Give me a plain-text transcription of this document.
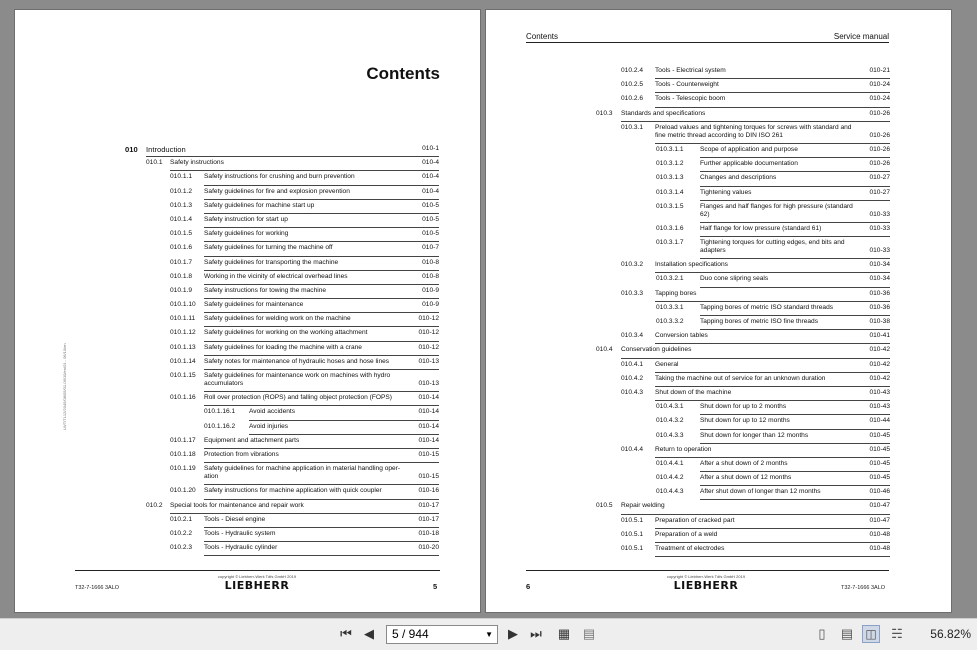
Contents
LWT/TL12/2045/08/05/01-06/10/en/01 - 06/10/en
010 Introduction	010-1
010.1 Safety instructions	010-4
010.1.1 Safety instructions for crushing and burn prevention	010-4
010.1.2 Safety guidelines for fire and explosion prevention	010-4
010.1.3 Safety guidelines for machine start up	010-5
010.1.4 Safety instruction for start up	010-5
010.1.5 Safety guidelines for working	010-5
010.1.6 Safety guidelines for turning the machine off	010-7
010.1.7 Safety guidelines for transporting the machine	010-8
010.1.8 Working in the vicinity of electrical overhead lines	010-8
010.1.9 Safety instructions for towing the machine	010-9
010.1.10 Safety guidelines for maintenance	010-9
010.1.11 Safety guidelines for welding work on the machine	010-12
010.1.12 Safety guidelines for working on the working attachment	010-12
010.1.13 Safety guidelines for loading the machine with a crane	010-12
010.1.14 Safety notes for maintenance of hydraulic hoses and hose lines	010-13
010.1.15 Safety guidelines for maintenance work on machines with hydro
accumulators	010-13
010.1.16 Roll over protection (ROPS) and falling object protection (FOPS)	010-14
010.1.16.1 Avoid accidents	010-14
010.1.16.2 Avoid injuries	010-14
010.1.17 Equipment and attachment parts	010-14
010.1.18 Protection from vibrations	010-15
010.1.19 Safety guidelines for machine application in material handling oper-
ation	010-15
010.1.20 Safety instructions for machine application with quick coupler	010-16
010.2 Special tools for maintenance and repair work	010-17
010.2.1 Tools - Diesel engine	010-17
010.2.2 Tools - Hydraulic system	010-18
010.2.3 Tools - Hydraulic cylinder	010-20
copyright © Liebherr-Werk Tdfs GmbH 2019
LIEBHERR
T32-7-1666 3ALO	5
Contents	Service manual
010.2.4 Tools - Electrical system	010-21
010.2.5 Tools - Counterweight	010-24
010.2.6 Tools - Telescopic boom	010-24
010.3 Standards and specifications	010-26
010.3.1 Preload values and tightening torques for screws with standard and
fine metric thread according to DIN ISO 261	010-26
010.3.1.1	Scope of application and purpose	010-26
010.3.1.2	Further applicable documentation	010-26
010.3.1.3	Changes and descriptions	010-27
010.3.1.4	Tightening values	010-27
010.3.1.5	Flanges and half flanges for high pressure (standard
62)	010-33
010.3.1.6	Half flange for low pressure (standard 61)	010-33
010.3.1.7	Tightening torques for cutting edges, end bits and
adapters	010-33
010.3.2 Installation specifications	010-34
010.3.2.1	Duo cone slipring seals	010-34
010.3.3 Tapping bores	010-36
010.3.3.1	Tapping bores of metric ISO standard threads	010-36
010.3.3.2	Tapping bores of metric ISO fine threads	010-38
010.3.4 Conversion tables	010-41
010.4 Conservation guidelines	010-42
010.4.1 General	010-42
010.4.2 Taking the machine out of service for an unknown duration	010-42
010.4.3 Shut down of the machine	010-43
010.4.3.1	Shut down for up to 2 months	010-43
010.4.3.2	Shut down for up to 12 months	010-44
010.4.3.3	Shut down for longer than 12 months	010-45
010.4.4 Return to operation	010-45
010.4.4.1	After a shut down of 2 months	010-45
010.4.4.2	After a shut down of 12 months	010-45
010.4.4.3	After shut down of longer than 12 months	010-46
010.5 Repair welding	010-47
010.5.1 Preparation of cracked part	010-47
010.5.1 Preparation of a weld	010-48
010.5.1 Treatment of electrodes	010-48
copyright © Liebherr-Werk Tdfs GmbH 2019
LIEBHERR
6	T32-7-1666 3ALO
⏮ ◀ 5 / 944	▼ ▶ ⏭ ▦ ▤	▯	▤ ◫ ☵ 56.82%
